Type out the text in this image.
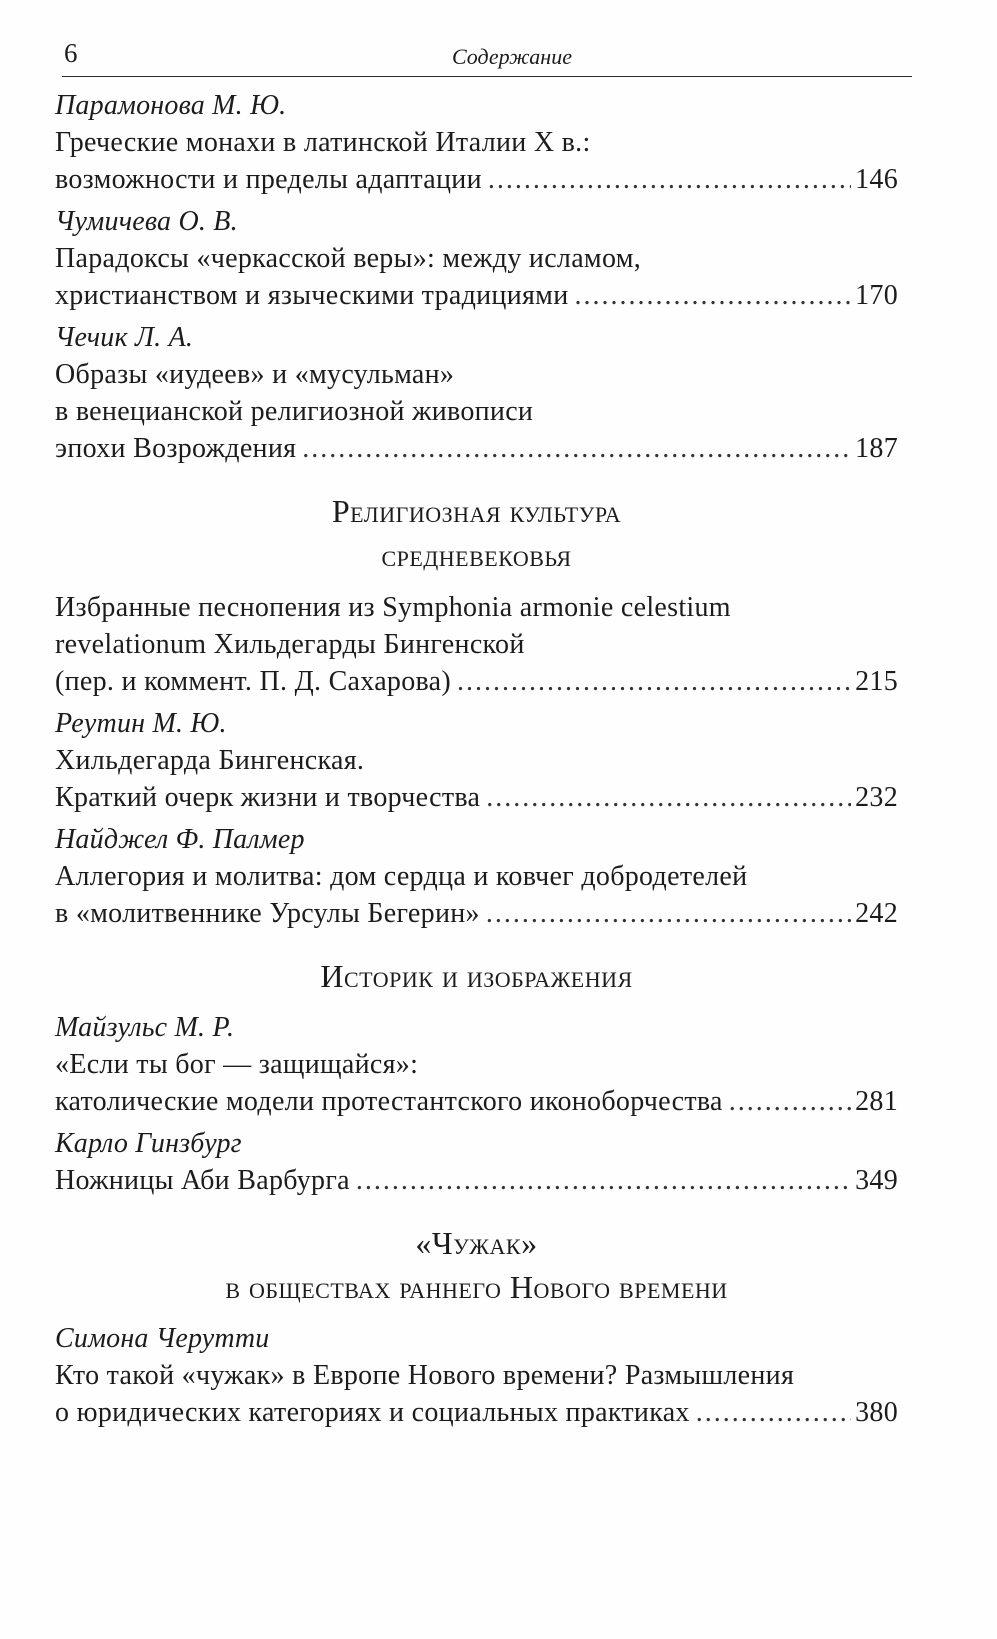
6	Содержание
Парамонова М. Ю.
Греческие монахи в латинской Италии X в.:
возможности и пределы адаптации .....	146
Чумичева О. В.
Парадоксы «черкасской веры»: между исламом,
христианством и языческими традициями .....	170
Чечик Л. А.
Образы «иудеев» и «мусульман»
в венецианской религиозной живописи
эпохи Возрождения .....	187
Религиозная культура
средневековья
Избранные песнопения из Symphonia armonie celestium
revelationum Хильдегарды Бингенской
(пер. и коммент. П. Д. Сахарова) .....	215
Реутин М. Ю.
Хильдегарда Бингенская.
Краткий очерк жизни и творчества .....	232
Найджел Ф. Палмер
Аллегория и молитва: дом сердца и ковчег добродетелей
в «молитвеннике Урсулы Бегерин» .....	242
Историк и изображения
Майзульс М. Р.
«Если ты бог — защищайся»:
католические модели протестантского иконоборчества .....	281
Карло Гинзбург
Ножницы Аби Варбурга .....	349
«Чужак»
в обществах раннего Нового времени
Симона Черутти
Кто такой «чужак» в Европе Нового времени? Размышления
о юридических категориях и социальных практиках .....	380
